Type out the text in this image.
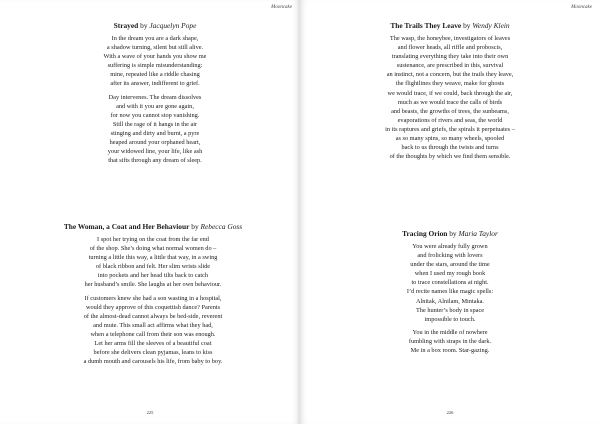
Mooncake
225
Mooncake
226
Strayed by Jacquelyn Pope
In the dream you are a dark shape,
a shadow turning, silent but still alive.
With a wave of your hands you show me
suffering is simple misunderstanding:
mine, repeated like a riddle chasing
after its answer, indifferent to grief.
Day intervenes. The dream dissolves
and with it you are gone again,
for now you cannot stop vanishing.
Still the rage of it hangs in the air
stinging and dirty and burnt, a pyre
heaped around your orphaned heart,
your widowed line, your life, like ash
that sifts through any dream of sleep.
The Woman, a Coat and Her Behaviour by Rebecca Goss
I spot her trying on the coat from the far end
of the shop. She’s doing what normal women do –
turning a little this way, a little that way, in a swing
of black ribbon and felt. Her slim wrists slide
into pockets and her head tilts back to catch
her husband’s smile. She laughs at her own behaviour.
If customers knew she had a son wasting in a hospital,
would they approve of this coquettish dance? Parents
of the almost-dead cannot always be bed-side, reverent
and mute. This small act affirms what they had,
when a telephone call from their son was enough.
Let her arms fill the sleeves of a beautiful coat
before she delivers clean pyjamas, leans to kiss
a dumb mouth and carousels his life, from baby to boy.
The Trails They Leave by Wendy Klein
The wasp, the honeybee, investigators of leaves
and flower heads, all riffle and proboscis,
translating everything they take into their own
sustenance, are prescribed in this, survival
an instinct, not a concern, but the trails they leave,
the flightlines they weave, make for ghosts
we would trace, if we could, back through the air,
much as we would trace the calls of birds
and beasts, the growths of trees, the sunbeams,
evaporations of rivers and seas, the world
in its raptures and griefs, the spirals it perpetuates –
as so many spins, so many wheels, spooled
back to us through the twists and turns
of the thoughts by which we find them sensible.
Tracing Orion by Maria Taylor
You were already fully grown
and frolicking with lovers
under the stars, around the time
when I used my rough book
to trace constellations at night.
I’d recite names like magic spells:
Alnitak, Alnilam, Mintaka.
The hunter’s body in space
impossible to touch.
You in the middle of nowhere
fumbling with straps in the dark.
Me in a box room. Star-gazing.
